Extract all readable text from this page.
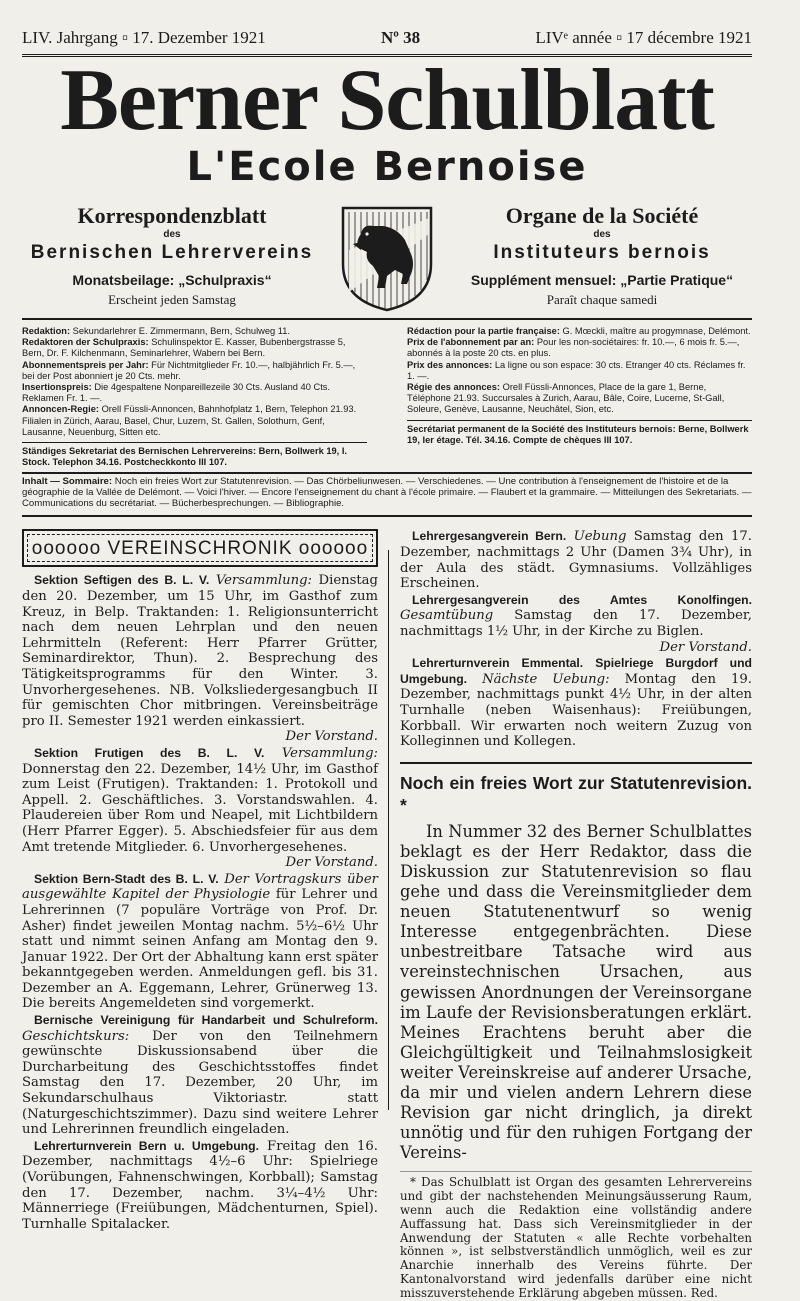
LIV. Jahrgang ▫ 17. Dezember 1921	Nº 38	LIVᵉ année ▫ 17 décembre 1921
Berner Schulblatt
L'Ecole Bernoise
Korrespondenzblatt
des
Bernischen Lehrervereins
Monatsbeilage: „Schulpraxis“
Erscheint jeden Samstag
Organe de la Société
des
Instituteurs bernois
Supplément mensuel: „Partie Pratique“
Paraît chaque samedi
Redaktion: Sekundarlehrer E. Zimmermann, Bern, Schulweg 11.
Redaktoren der Schulpraxis: Schulinspektor E. Kasser, Bubenbergstrasse 5, Bern, Dr. F. Kilchenmann, Seminarlehrer, Wabern bei Bern.
Abonnementspreis per Jahr: Für Nichtmitglieder Fr. 10.—, halbjährlich Fr. 5.—, bei der Post abonniert je 20 Cts. mehr.
Insertionspreis: Die 4gespaltene Nonpareillezeile 30 Cts. Ausland 40 Cts. Reklamen Fr. 1. —.
Annoncen-Regie: Orell Füssli-Annoncen, Bahnhofplatz 1, Bern, Telephon 21.93. Filialen in Zürich, Aarau, Basel, Chur, Luzern, St. Gallen, Solothurn, Genf, Lausanne, Neuenburg, Sitten etc.
Ständiges Sekretariat des Bernischen Lehrervereins: Bern, Bollwerk 19, I. Stock. Telephon 34.16. Postcheckkonto III 107.
Rédaction pour la partie française: G. Mœckli, maître au progymnase, Delémont.
Prix de l'abonnement par an: Pour les non-sociétaires: fr. 10.—, 6 mois fr. 5.—, abonnés à la poste 20 cts. en plus.
Prix des annonces: La ligne ou son espace: 30 cts. Etranger 40 cts. Réclames fr. 1. —.
Régie des annonces: Orell Füssli-Annonces, Place de la gare 1, Berne, Téléphone 21.93. Succursales à Zurich, Aarau, Bâle, Coire, Lucerne, St-Gall, Soleure, Genève, Lausanne, Neuchâtel, Sion, etc.
Secrétariat permanent de la Société des Instituteurs bernois: Berne, Bollwerk 19, Ier étage. Tél. 34.16. Compte de chèques III 107.
Inhalt — Sommaire: Noch ein freies Wort zur Statutenrevision. — Das Chörbeliunwesen. — Verschiedenes. — Une contribution à l'enseignement de l'histoire et de la géographie de la Vallée de Delémont. — Voici l'hiver. — Encore l'enseignement du chant à l'école primaire. — Flaubert et la grammaire. — Mitteilungen des Sekretariats. — Communications du secrétariat. — Bücherbesprechungen. — Bibliographie.
oooooo VEREINSCHRONIK oooooo
Sektion Seftigen des B. L. V. Versammlung: Dienstag den 20. Dezember, um 15 Uhr, im Gasthof zum Kreuz, in Belp. Traktanden: 1. Religionsunterricht nach dem neuen Lehrplan und den neuen Lehrmitteln (Referent: Herr Pfarrer Grütter, Seminardirektor, Thun). 2. Besprechung des Tätigkeitsprogramms für den Winter. 3. Unvorhergesehenes. NB. Volksliedergesangbuch II für gemischten Chor mitbringen. Vereinsbeiträge pro II. Semester 1921 werden einkassiert.
Der Vorstand.
Sektion Frutigen des B. L. V. Versammlung: Donnerstag den 22. Dezember, 14½ Uhr, im Gasthof zum Leist (Frutigen). Traktanden: 1. Protokoll und Appell. 2. Geschäftliches. 3. Vorstandswahlen. 4. Plaudereien über Rom und Neapel, mit Lichtbildern (Herr Pfarrer Egger). 5. Abschiedsfeier für aus dem Amt tretende Mitglieder. 6. Unvorhergesehenes.
Der Vorstand.
Sektion Bern-Stadt des B. L. V. Der Vortragskurs über ausgewählte Kapitel der Physiologie für Lehrer und Lehrerinnen (7 populäre Vorträge von Prof. Dr. Asher) findet jeweilen Montag nachm. 5½–6½ Uhr statt und nimmt seinen Anfang am Montag den 9. Januar 1922. Der Ort der Abhaltung kann erst später bekanntgegeben werden. Anmeldungen gefl. bis 31. Dezember an A. Eggemann, Lehrer, Grünerweg 13. Die bereits Angemeldeten sind vorgemerkt.
Bernische Vereinigung für Handarbeit und Schulreform. Geschichtskurs: Der von den Teilnehmern gewünschte Diskussionsabend über die Durcharbeitung des Geschichtsstoffes findet Samstag den 17. Dezember, 20 Uhr, im Sekundarschulhaus Viktoriastr. statt (Naturgeschichtszimmer). Dazu sind weitere Lehrer und Lehrerinnen freundlich eingeladen.
Lehrerturnverein Bern u. Umgebung. Freitag den 16. Dezember, nachmittags 4½–6 Uhr: Spielriege (Vorübungen, Fahnenschwingen, Korbball); Samstag den 17. Dezember, nachm. 3¼–4½ Uhr: Männerriege (Freiübungen, Mädchenturnen, Spiel). Turnhalle Spitalacker.
Lehrergesangverein Bern. Uebung Samstag den 17. Dezember, nachmittags 2 Uhr (Damen 3¾ Uhr), in der Aula des städt. Gymnasiums. Vollzähliges Erscheinen.
Lehrergesangverein des Amtes Konolfingen. Gesamtübung Samstag den 17. Dezember, nachmittags 1½ Uhr, in der Kirche zu Biglen.
Der Vorstand.
Lehrerturnverein Emmental. Spielriege Burgdorf und Umgebung. Nächste Uebung: Montag den 19. Dezember, nachmittags punkt 4½ Uhr, in der alten Turnhalle (neben Waisenhaus): Freiübungen, Korbball. Wir erwarten noch weitern Zuzug von Kolleginnen und Kollegen.
Noch ein freies Wort zur Statutenrevision. *
In Nummer 32 des Berner Schulblattes beklagt es der Herr Redaktor, dass die Diskussion zur Statutenrevision so flau gehe und dass die Vereinsmitglieder dem neuen Statutenentwurf so wenig Interesse entgegenbrächten. Diese unbestreitbare Tatsache wird aus vereinstechnischen Ursachen, aus gewissen Anordnungen der Vereinsorgane im Laufe der Revisionsberatungen erklärt. Meines Erachtens beruht aber die Gleichgültigkeit und Teilnahmslosigkeit weiter Vereinskreise auf anderer Ursache, da mir und vielen andern Lehrern diese Revision gar nicht dringlich, ja direkt unnötig und für den ruhigen Fortgang der Vereins-
* Das Schulblatt ist Organ des gesamten Lehrervereins und gibt der nachstehenden Meinungsäusserung Raum, wenn auch die Redaktion eine vollständig andere Auffassung hat. Dass sich Vereinsmitglieder in der Anwendung der Statuten « alle Rechte vorbehalten können », ist selbstverständlich unmöglich, weil es zur Anarchie innerhalb des Vereins führte. Der Kantonalvorstand wird jedenfalls darüber eine nicht misszuverstehende Erklärung abgeben müssen. Red.
